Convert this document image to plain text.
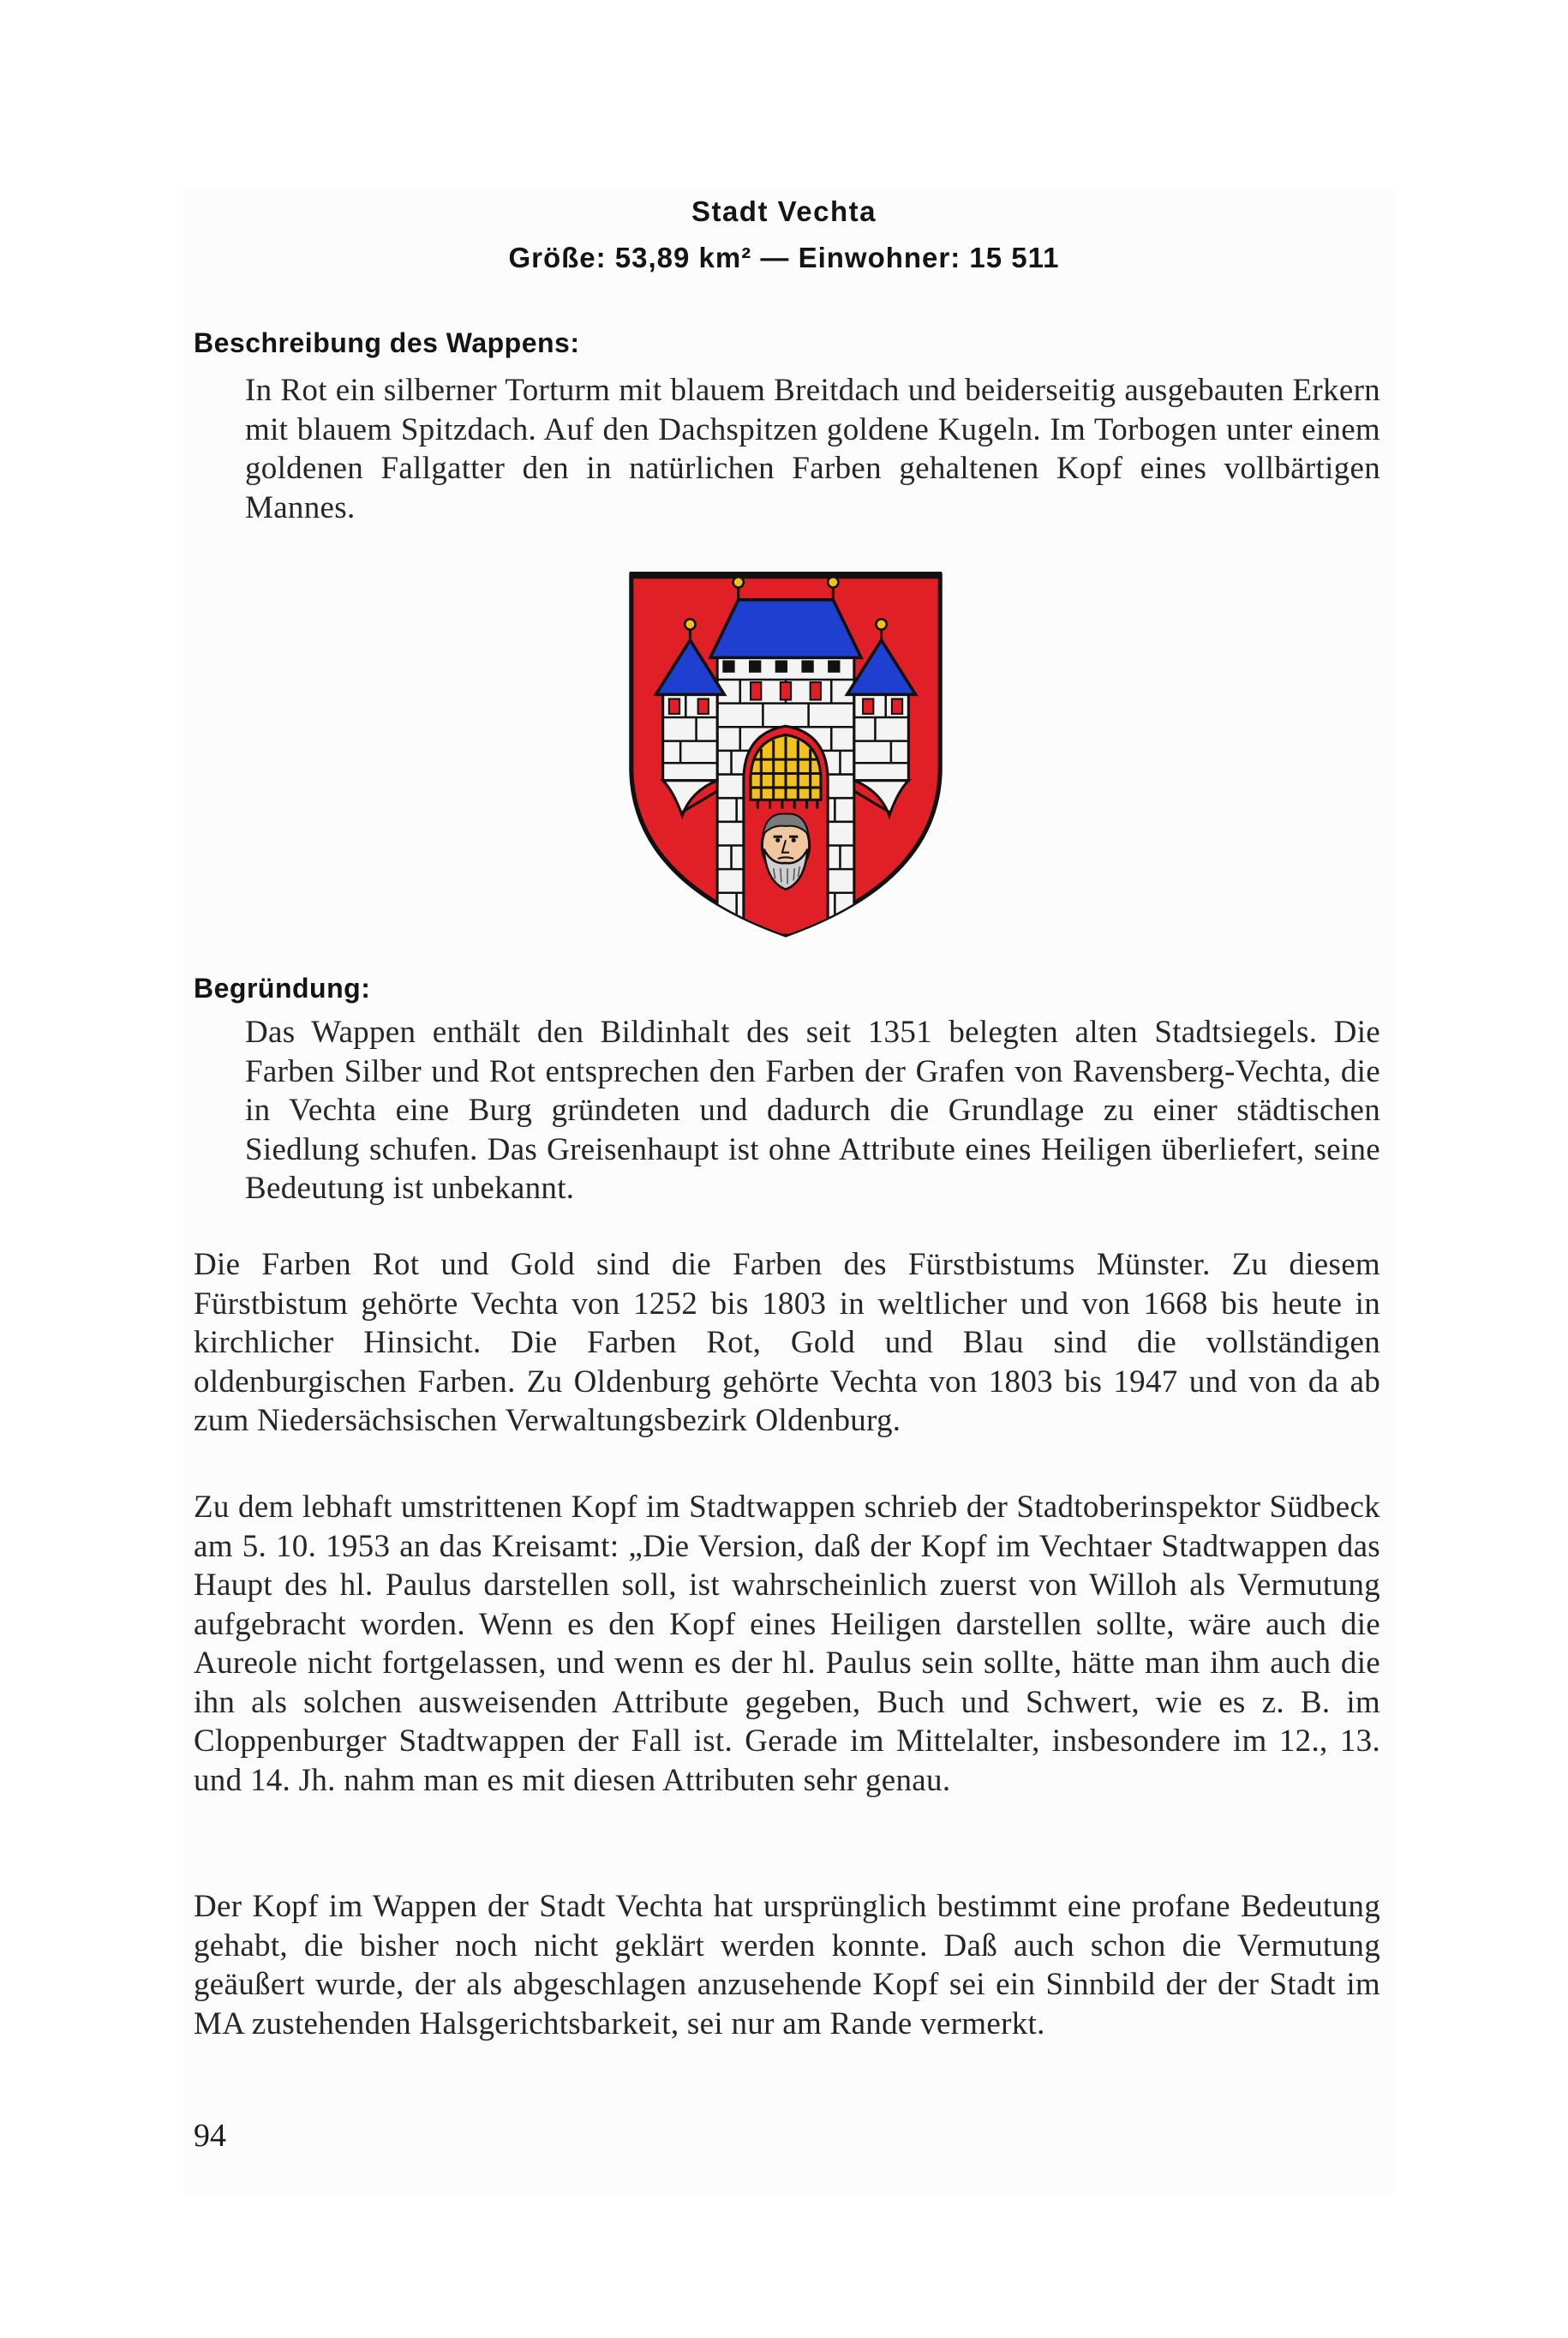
Stadt Vechta
Größe: 53,89 km² — Einwohner: 15 511
Beschreibung des Wappens:

In Rot ein silberner Torturm mit blauem Breitdach und beiderseitig ausgebauten Erkern mit blauem Spitzdach. Auf den Dachspitzen goldene Kugeln. Im Torbogen unter einem goldenen Fallgatter den in natürlichen Farben gehaltenen Kopf eines vollbärtigen Mannes.

Begründung:

Das Wappen enthält den Bildinhalt des seit 1351 belegten alten Stadtsiegels. Die Farben Silber und Rot entsprechen den Farben der Grafen von Ravensberg-Vechta, die in Vechta eine Burg gründeten und dadurch die Grundlage zu einer städtischen Siedlung schufen. Das Greisenhaupt ist ohne Attribute eines Heiligen überliefert, seine Bedeutung ist unbekannt.

Die Farben Rot und Gold sind die Farben des Fürstbistums Münster. Zu diesem Fürstbistum gehörte Vechta von 1252 bis 1803 in weltlicher und von 1668 bis heute in kirchlicher Hinsicht. Die Farben Rot, Gold und Blau sind die vollständigen oldenburgischen Farben. Zu Oldenburg gehörte Vechta von 1803 bis 1947 und von da ab zum Niedersächsischen Verwaltungsbezirk Oldenburg.

Zu dem lebhaft umstrittenen Kopf im Stadtwappen schrieb der Stadtoberinspektor Südbeck am 5. 10. 1953 an das Kreisamt: „Die Version, daß der Kopf im Vechtaer Stadtwappen das Haupt des hl. Paulus darstellen soll, ist wahrscheinlich zuerst von Willoh als Vermutung aufgebracht worden. Wenn es den Kopf eines Heiligen darstellen sollte, wäre auch die Aureole nicht fortgelassen, und wenn es der hl. Paulus sein sollte, hätte man ihm auch die ihn als solchen ausweisenden Attribute gegeben, Buch und Schwert, wie es z. B. im Cloppenburger Stadtwappen der Fall ist. Gerade im Mittelalter, insbesondere im 12., 13. und 14. Jh. nahm man es mit diesen Attributen sehr genau.

Der Kopf im Wappen der Stadt Vechta hat ursprünglich bestimmt eine profane Bedeutung gehabt, die bisher noch nicht geklärt werden konnte. Daß auch schon die Vermutung geäußert wurde, der als abgeschlagen anzusehende Kopf sei ein Sinnbild der der Stadt im MA zustehenden Halsgerichtsbarkeit, sei nur am Rande vermerkt.

94
